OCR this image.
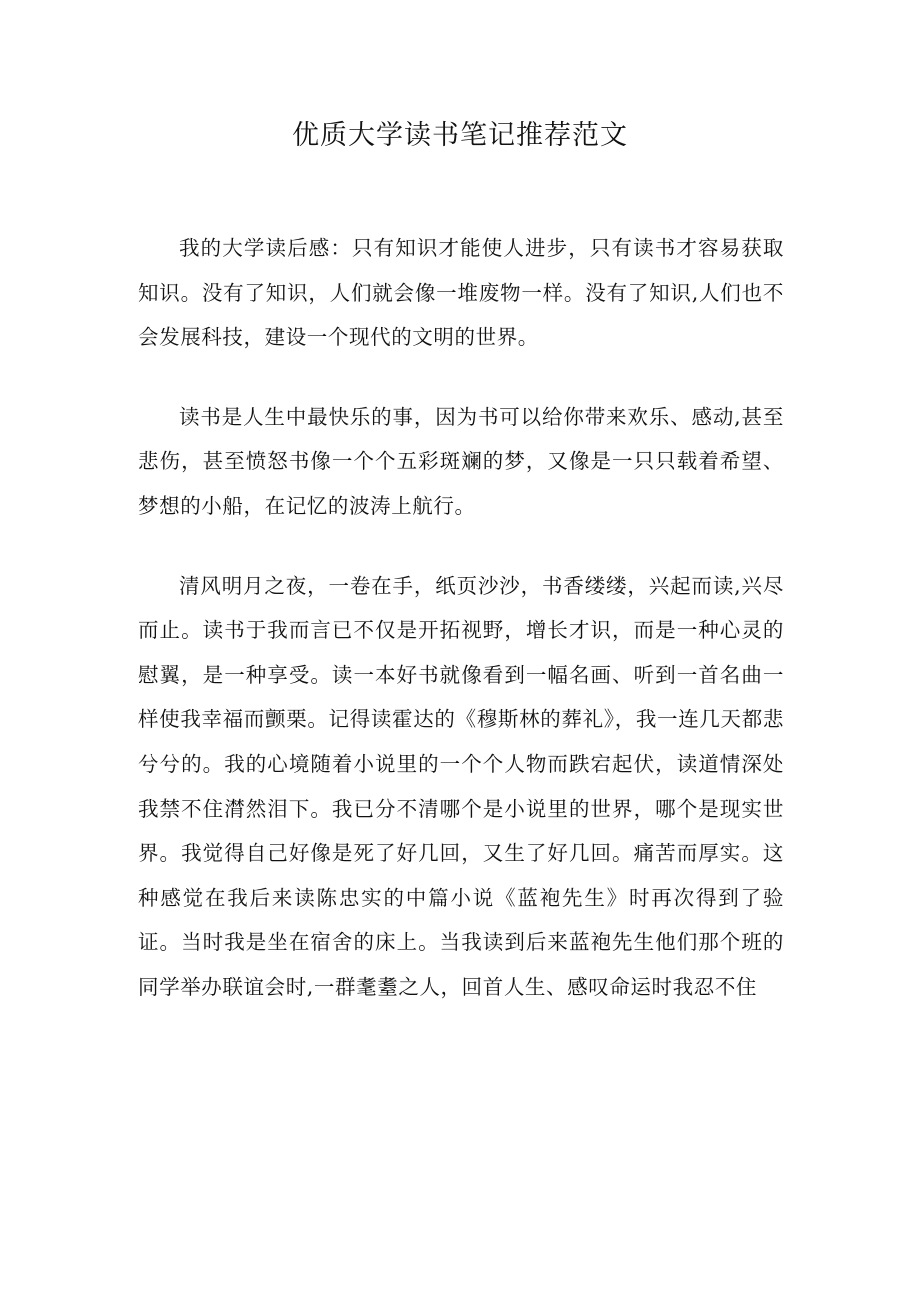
优质大学读书笔记推荐范文

我的大学读后感：只有知识才能使人进步，只有读书才容易获取知识。没有了知识，人们就会像一堆废物一样。没有了知识,人们也不会发展科技，建设一个现代的文明的世界。

读书是人生中最快乐的事，因为书可以给你带来欢乐、感动,甚至悲伤，甚至愤怒书像一个个五彩斑斓的梦，又像是一只只载着希望、梦想的小船，在记忆的波涛上航行。

清风明月之夜，一卷在手，纸页沙沙，书香缕缕，兴起而读,兴尽而止。读书于我而言已不仅是开拓视野，增长才识，而是一种心灵的慰翼，是一种享受。读一本好书就像看到一幅名画、听到一首名曲一样使我幸福而颤栗。记得读霍达的《穆斯林的葬礼》，我一连几天都悲兮兮的。我的心境随着小说里的一个个人物而跌宕起伏，读道情深处我禁不住潸然泪下。我已分不清哪个是小说里的世界，哪个是现实世界。我觉得自己好像是死了好几回，又生了好几回。痛苦而厚实。这种感觉在我后来读陈忠实的中篇小说《蓝袍先生》时再次得到了验证。当时我是坐在宿舍的床上。当我读到后来蓝袍先生他们那个班的同学举办联谊会时,一群耄耋之人，回首人生、感叹命运时我忍不住
